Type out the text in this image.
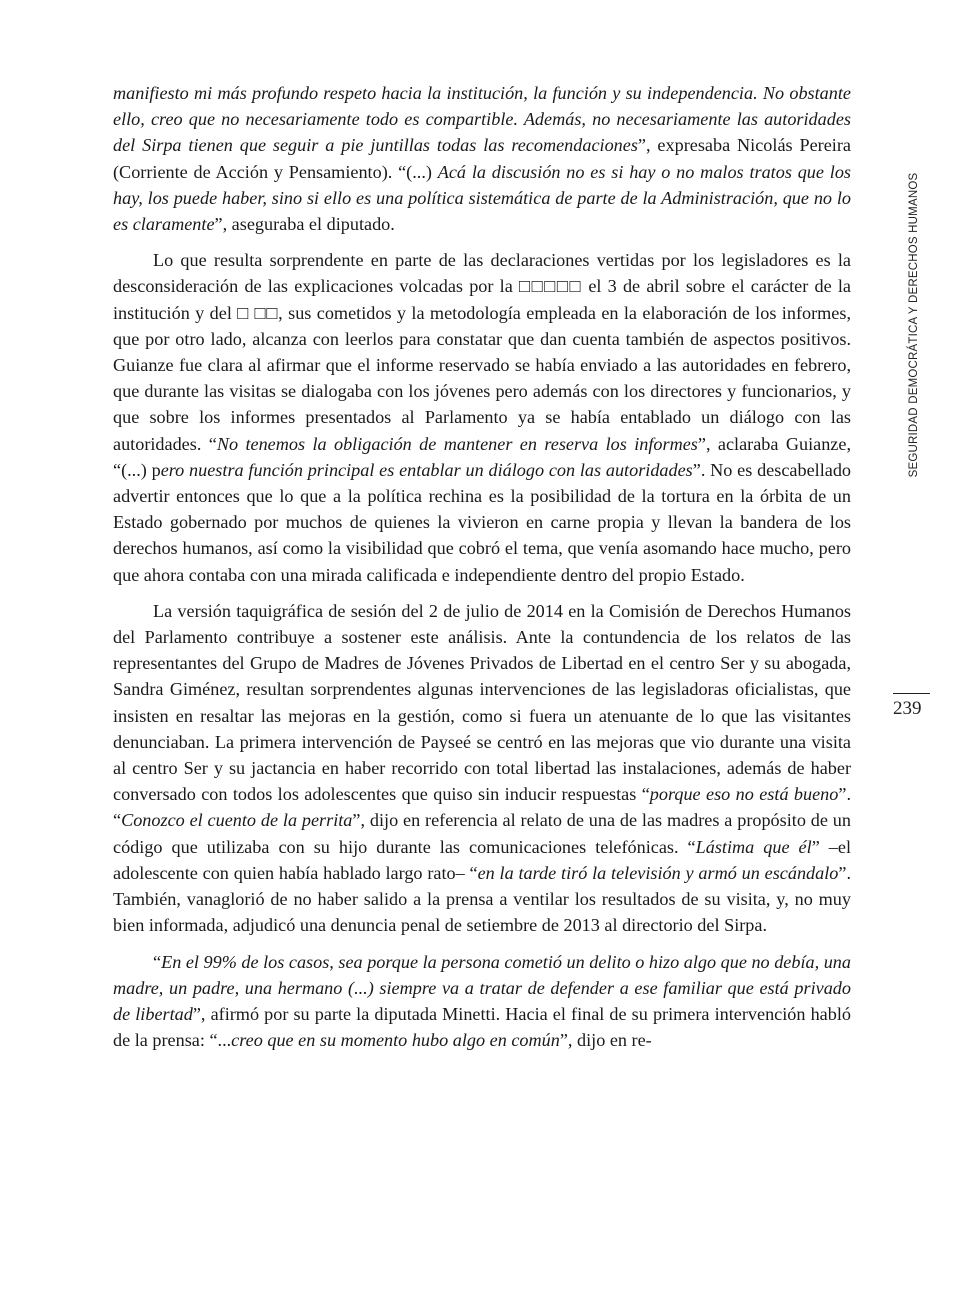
manifiesto mi más profundo respeto hacia la institución, la función y su independencia. No obstante ello, creo que no necesariamente todo es compartible. Además, no necesariamente las autoridades del Sirpa tienen que seguir a pie juntillas todas las recomendaciones”, expresaba Nicolás Pereira (Corriente de Acción y Pensamiento). “(...) Acá la discusión no es si hay o no malos tratos que los hay, los puede haber, sino si ello es una política sistemática de parte de la Administración, que no lo es claramente”, aseguraba el diputado.

Lo que resulta sorprendente en parte de las declaraciones vertidas por los legisladores es la desconsideración de las explicaciones volcadas por la □□□□□ el 3 de abril sobre el carácter de la institución y del □ □□, sus cometidos y la metodología empleada en la elaboración de los informes, que por otro lado, alcanza con leerlos para constatar que dan cuenta también de aspectos positivos. Guianze fue clara al afirmar que el informe reservado se había enviado a las autoridades en febrero, que durante las visitas se dialogaba con los jóvenes pero además con los directores y funcionarios, y que sobre los informes presentados al Parlamento ya se había entablado un diálogo con las autoridades. “No tenemos la obligación de mantener en reserva los informes”, aclaraba Guianze, “(...) pero nuestra función principal es entablar un diálogo con las autoridades”. No es descabellado advertir entonces que lo que a la política rechina es la posibilidad de la tortura en la órbita de un Estado gobernado por muchos de quienes la vivieron en carne propia y llevan la bandera de los derechos humanos, así como la visibilidad que cobró el tema, que venía asomando hace mucho, pero que ahora contaba con una mirada calificada e independiente dentro del propio Estado.

La versión taquigráfica de sesión del 2 de julio de 2014 en la Comisión de Derechos Humanos del Parlamento contribuye a sostener este análisis. Ante la contundencia de los relatos de las representantes del Grupo de Madres de Jóvenes Privados de Libertad en el centro Ser y su abogada, Sandra Giménez, resultan sorprendentes algunas intervenciones de las legisladoras oficialistas, que insisten en resaltar las mejoras en la gestión, como si fuera un atenuante de lo que las visitantes denunciaban. La primera intervención de Payseé se centró en las mejoras que vio durante una visita al centro Ser y su jactancia en haber recorrido con total libertad las instalaciones, además de haber conversado con todos los adolescentes que quiso sin inducir respuestas “porque eso no está bueno”. “Conozco el cuento de la perrita”, dijo en referencia al relato de una de las madres a propósito de un código que utilizaba con su hijo durante las comunicaciones telefónicas. “Lástima que él” –el adolescente con quien había hablado largo rato– “en la tarde tiró la televisión y armó un escándalo”. También, vanaglorió de no haber salido a la prensa a ventilar los resultados de su visita, y, no muy bien informada, adjudicó una denuncia penal de setiembre de 2013 al directorio del Sirpa.

“En el 99% de los casos, sea porque la persona cometió un delito o hizo algo que no debía, una madre, un padre, una hermano (...) siempre va a tratar de defender a ese familiar que está privado de libertad”, afirmó por su parte la diputada Minetti. Hacia el final de su primera intervención habló de la prensa: “...creo que en su momento hubo algo en común”, dijo en re-

SEGURIDAD DEMOCRÁTICA Y DERECHOS HUMANOS
239
